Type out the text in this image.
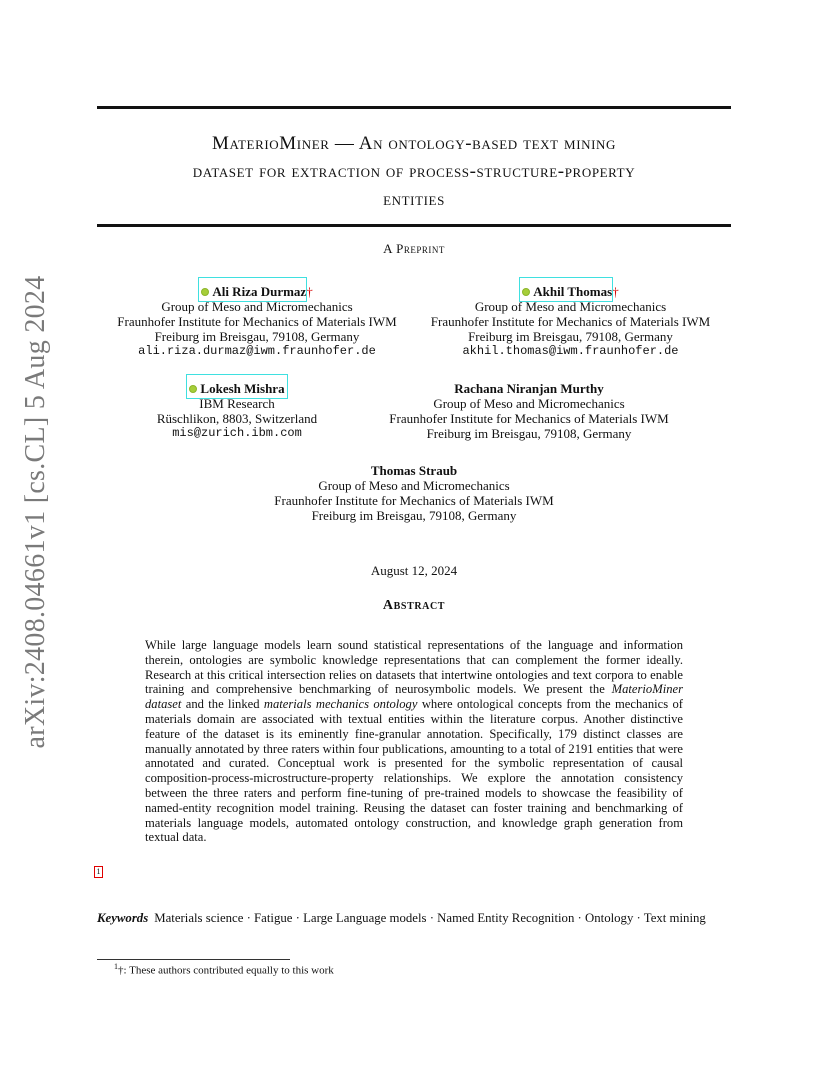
arXiv:2408.04661v1 [cs.CL] 5 Aug 2024
MaterioMiner — An ontology-based text mining
dataset for extraction of process-structure-property
entities
A Preprint
Ali Riza Durmaz†
Group of Meso and Micromechanics
Fraunhofer Institute for Mechanics of Materials IWM
Freiburg im Breisgau, 79108, Germany
ali.riza.durmaz@iwm.fraunhofer.de
Akhil Thomas†
Group of Meso and Micromechanics
Fraunhofer Institute for Mechanics of Materials IWM
Freiburg im Breisgau, 79108, Germany
akhil.thomas@iwm.fraunhofer.de
Lokesh Mishra
IBM Research
Rüschlikon, 8803, Switzerland
mis@zurich.ibm.com
Rachana Niranjan Murthy
Group of Meso and Micromechanics
Fraunhofer Institute for Mechanics of Materials IWM
Freiburg im Breisgau, 79108, Germany
Thomas Straub
Group of Meso and Micromechanics
Fraunhofer Institute for Mechanics of Materials IWM
Freiburg im Breisgau, 79108, Germany
August 12, 2024
Abstract
While large language models learn sound statistical representations of the language and information therein, ontologies are symbolic knowledge representations that can complement the former ideally. Research at this critical intersection relies on datasets that intertwine ontologies and text corpora to enable training and comprehensive benchmarking of neurosymbolic models. We present the MaterioMiner dataset and the linked materials mechanics ontology where ontological concepts from the mechanics of materials domain are associated with textual entities within the literature corpus. Another distinctive feature of the dataset is its eminently fine-granular annotation. Specifically, 179 distinct classes are manually annotated by three raters within four publications, amounting to a total of 2191 entities that were annotated and curated. Conceptual work is presented for the symbolic representation of causal composition-process-microstructure-property relationships. We explore the annotation consistency between the three raters and perform fine-tuning of pre-trained models to showcase the feasibility of named-entity recognition model training. Reusing the dataset can foster training and benchmarking of materials language models, automated ontology construction, and knowledge graph generation from textual data.
1
Keywords Materials science · Fatigue · Large Language models · Named Entity Recognition · Ontology · Text mining
$^1$†: These authors contributed equally to this work
